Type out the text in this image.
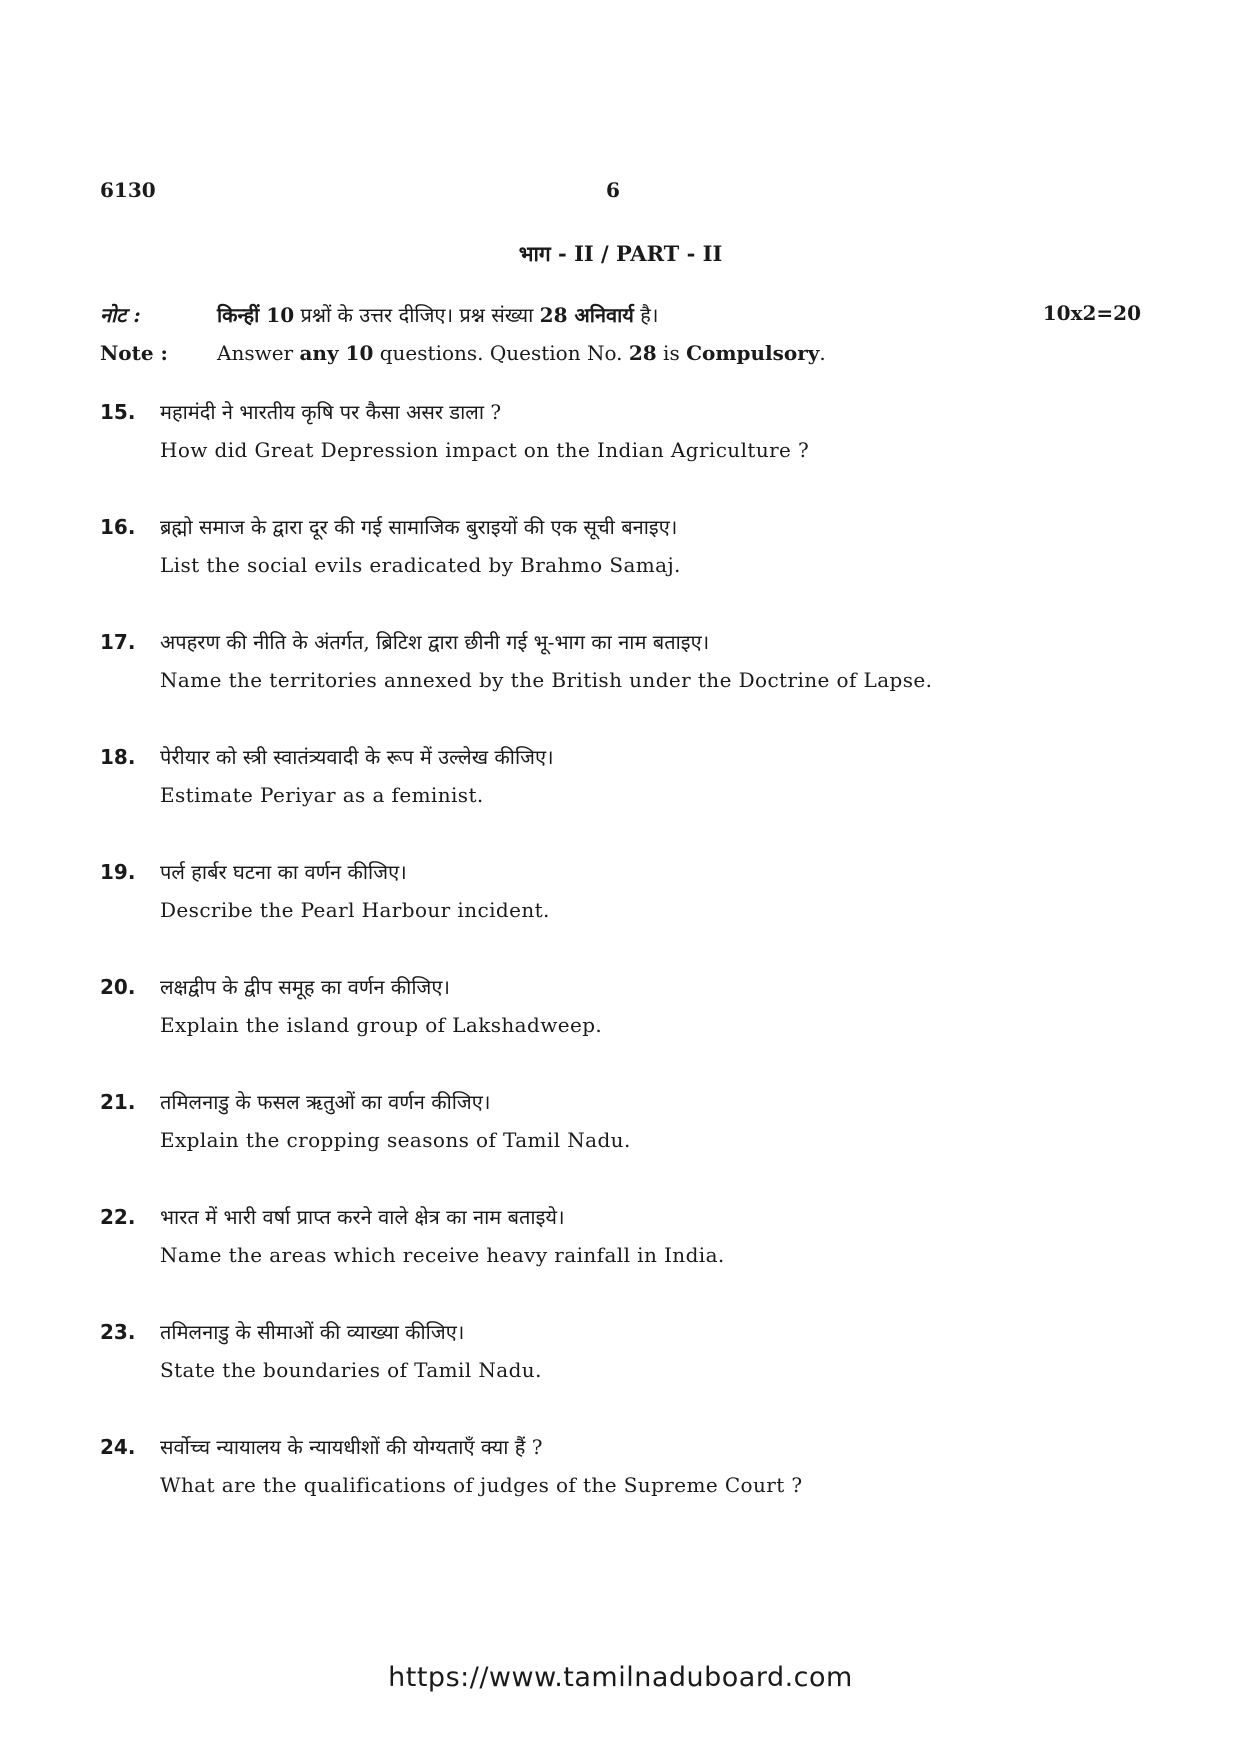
6130	6
भाग - II / PART - II
नोट :	किन्हीं 10 प्रश्नों के उत्तर दीजिए। प्रश्न संख्या 28 अनिवार्य है।	10x2=20
Note : Answer any 10 questions. Question No. 28 is Compulsory.
15. महामंदी ने भारतीय कृषि पर कैसा असर डाला ?
How did Great Depression impact on the Indian Agriculture ?
16. ब्रह्मो समाज के द्वारा दूर की गई सामाजिक बुराइयों की एक सूची बनाइए।
List the social evils eradicated by Brahmo Samaj.
17. अपहरण की नीति के अंतर्गत, ब्रिटिश द्वारा छीनी गई भू-भाग का नाम बताइए।
Name the territories annexed by the British under the Doctrine of Lapse.
18. पेरीयार को स्त्री स्वातंत्र्यवादी के रूप में उल्लेख कीजिए।
Estimate Periyar as a feminist.
19. पर्ल हार्बर घटना का वर्णन कीजिए।
Describe the Pearl Harbour incident.
20. लक्षद्वीप के द्वीप समूह का वर्णन कीजिए।
Explain the island group of Lakshadweep.
21. तमिलनाडु के फसल ऋतुओं का वर्णन कीजिए।
Explain the cropping seasons of Tamil Nadu.
22. भारत में भारी वर्षा प्राप्त करने वाले क्षेत्र का नाम बताइये।
Name the areas which receive heavy rainfall in India.
23. तमिलनाडु के सीमाओं की व्याख्या कीजिए।
State the boundaries of Tamil Nadu.
24. सर्वोच्च न्यायालय के न्यायधीशों की योग्यताएँ क्या हैं ?
What are the qualifications of judges of the Supreme Court ?
https://www.tamilnaduboard.com
